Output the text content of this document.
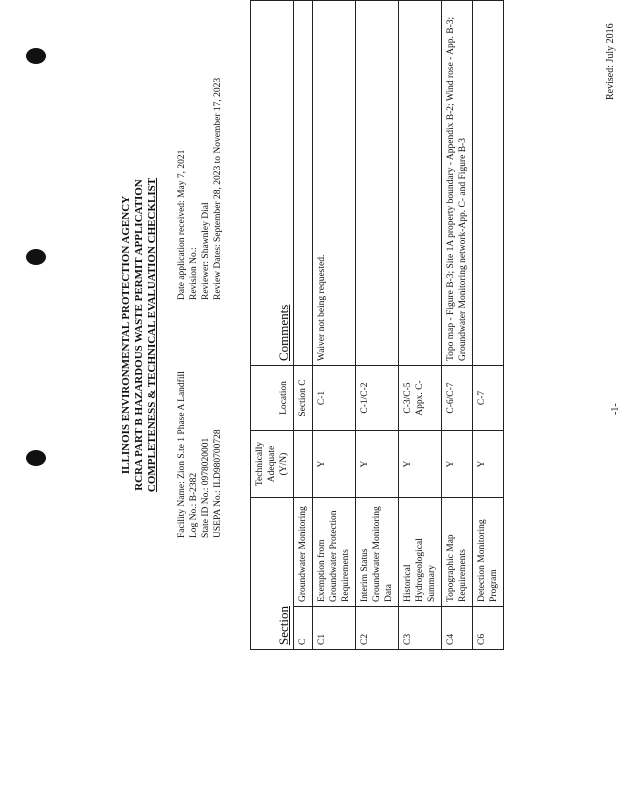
Revised: July 2016
ILLINOIS ENVIRONMENTAL PROTECTION AGENCY RCRA PART B HAZARDOUS WASTE PERMIT APPLICATION COMPLETENESS & TECHNICAL EVALUATION CHECKLIST Facility Name: Zion S.te 1 Phase A Landfill Log No.: B-2382 State ID No.: 0978020001 USEPA No.: ILD980700728
Date application received: May 7, 2021 Revision No.: Reviewer: Shawnley Dial Review Dates: September 28, 2023 to November 17, 2023
Section		Technically Adequate (Y/N)	Location	Comments
C	Groundwater Monitoring		Section C	
C1	Exemption from Groundwater Protection Requirements	Y	C-1	Waiver not being requested.
C2	Interim Status Groundwater Monitoring Data	Y	C-1/C-2	
C3	Historical Hydrogeological Summary	Y	C-3/C-5 Appx. C-	
C4	Topographic Map Requirements	Y	C-6/C-7	Topo map - Figure B-3; Site 1A property boundary - Appendix B-2; Wind rose - App. B-3; Groundwater Monitoring network-App. C- and Figure B-3
C6	Detection Monitoring Program	Y	C-7	
-1-
